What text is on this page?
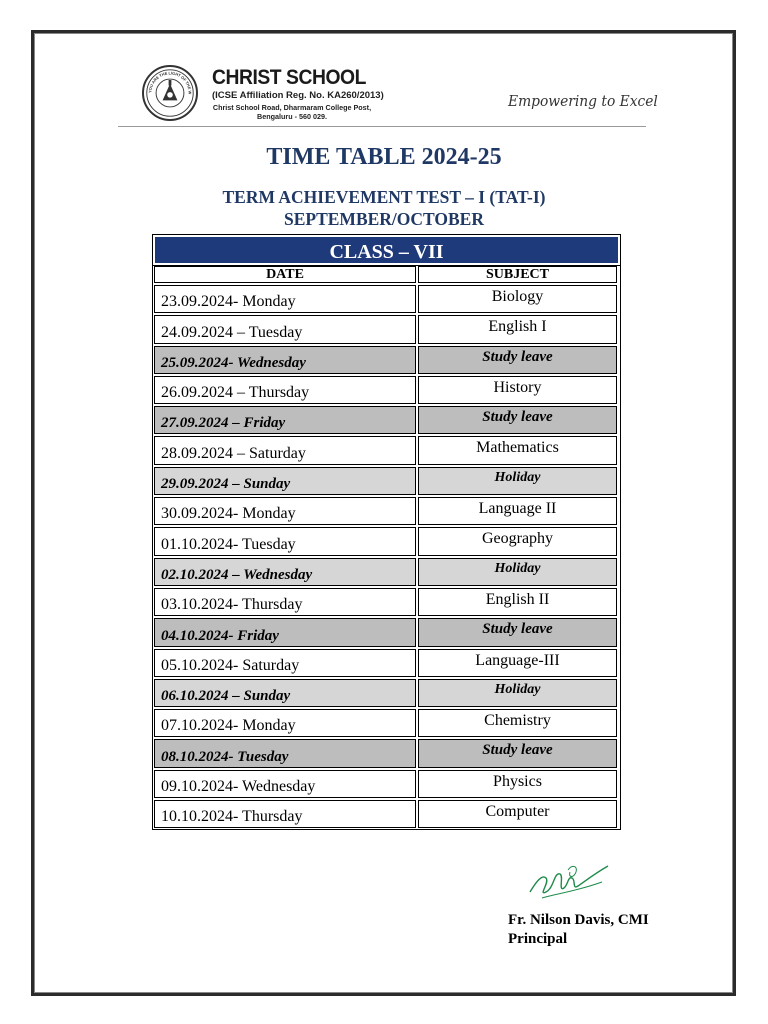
YOU ARE THE LIGHT OF THE W
CHRIST SCHOOL
(ICSE Affiliation Reg. No. KA260/2013)
Christ School Road, Dharmaram College Post,
Bengaluru - 560 029.
Empowering to Excel
TIME TABLE 2024-25
TERM ACHIEVEMENT TEST – I (TAT-I)
SEPTEMBER/OCTOBER
CLASS – VII
DATE	SUBJECT
23.09.2024- Monday	Biology
24.09.2024 – Tuesday	English I
25.09.2024- Wednesday	Study leave
26.09.2024 – Thursday	History
27.09.2024 – Friday	Study leave
28.09.2024 – Saturday	Mathematics
29.09.2024 – Sunday	Holiday
30.09.2024- Monday	Language II
01.10.2024- Tuesday	Geography
02.10.2024 – Wednesday	Holiday
03.10.2024- Thursday	English II
04.10.2024- Friday	Study leave
05.10.2024- Saturday	Language-III
06.10.2024 – Sunday	Holiday
07.10.2024- Monday	Chemistry
08.10.2024- Tuesday	Study leave
09.10.2024- Wednesday	Physics
10.10.2024- Thursday	Computer
Fr. Nilson Davis, CMI
Principal
